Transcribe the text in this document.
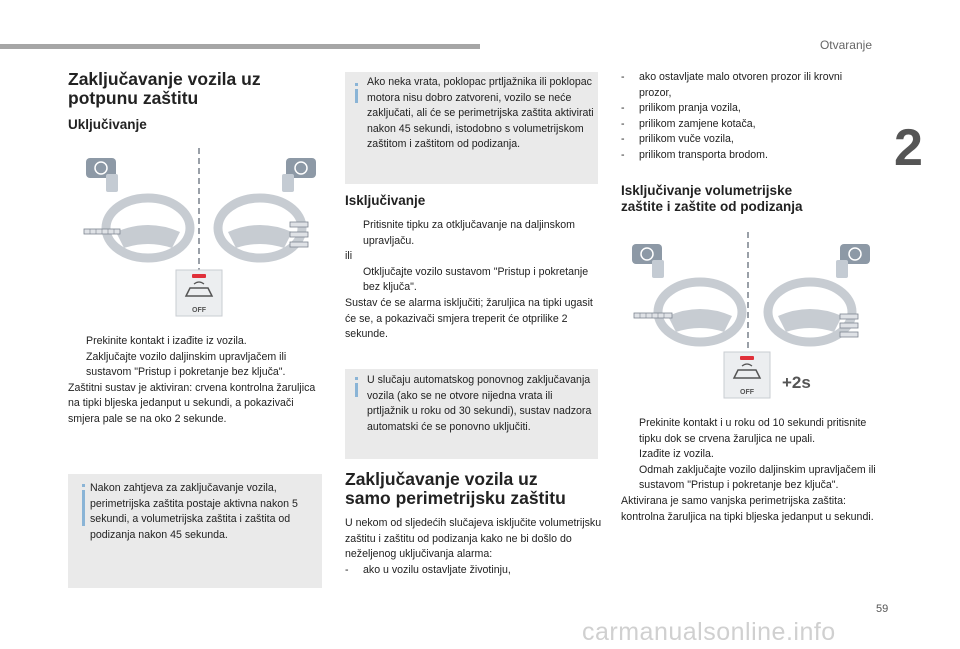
Otvaranje
2
59
carmanualsonline.info
Zaključavanje vozila uz
potpunu zaštitu
Uključivanje
OFF
Prekinite kontakt i izađite iz vozila.
Zaključajte vozilo daljinskim upravljačem ili sustavom "Pristup i pokretanje bez ključa".
Zaštitni sustav je aktiviran: crvena kontrolna žaruljica na tipki bljeska jedanput u sekundi, a pokazivači smjera pale se na oko 2 sekunde.
Nakon zahtjeva za zaključavanje vozila, perimetrijska zaštita postaje aktivna nakon 5 sekundi, a volumetrijska zaštita i zaštita od podizanja nakon 45 sekunda.
Ako neka vrata, poklopac prtljažnika ili poklopac motora nisu dobro zatvoreni, vozilo se neće zaključati, ali će se perimetrijska zaštita aktivirati nakon 45 sekundi, istodobno s volumetrijskom zaštitom i zaštitom od podizanja.
Isključivanje
Pritisnite tipku za otključavanje na daljinskom upravljaču.
ili
Otključajte vozilo sustavom "Pristup i pokretanje bez ključa".
Sustav će se alarma isključiti; žaruljica na tipki ugasit će se, a pokazivači smjera treperit će otprilike 2 sekunde.
U slučaju automatskog ponovnog zaključavanja vozila (ako se ne otvore nijedna vrata ili prtljažnik u roku od 30 sekundi), sustav nadzora automatski će se ponovno uključiti.
Zaključavanje vozila uz
samo perimetrijsku zaštitu
U nekom od sljedećih slučajeva isključite volumetrijsku zaštitu i zaštitu od podizanja kako ne bi došlo do neželjenog uključivanja alarma:
- ako u vozilu ostavljate životinju,
- ako ostavljate malo otvoren prozor ili krovni prozor,
- prilikom pranja vozila,
- prilikom zamjene kotača,
- prilikom vuče vozila,
- prilikom transporta brodom.
Isključivanje volumetrijske
zaštite i zaštite od podizanja
OFF
+2s
Prekinite kontakt i u roku od 10 sekundi pritisnite tipku dok se crvena žaruljica ne upali.
Izađite iz vozila.
Odmah zaključajte vozilo daljinskim upravljačem ili sustavom "Pristup i pokretanje bez ključa".
Aktivirana je samo vanjska perimetrijska zaštita: kontrolna žaruljica na tipki bljeska jedanput u sekundi.
